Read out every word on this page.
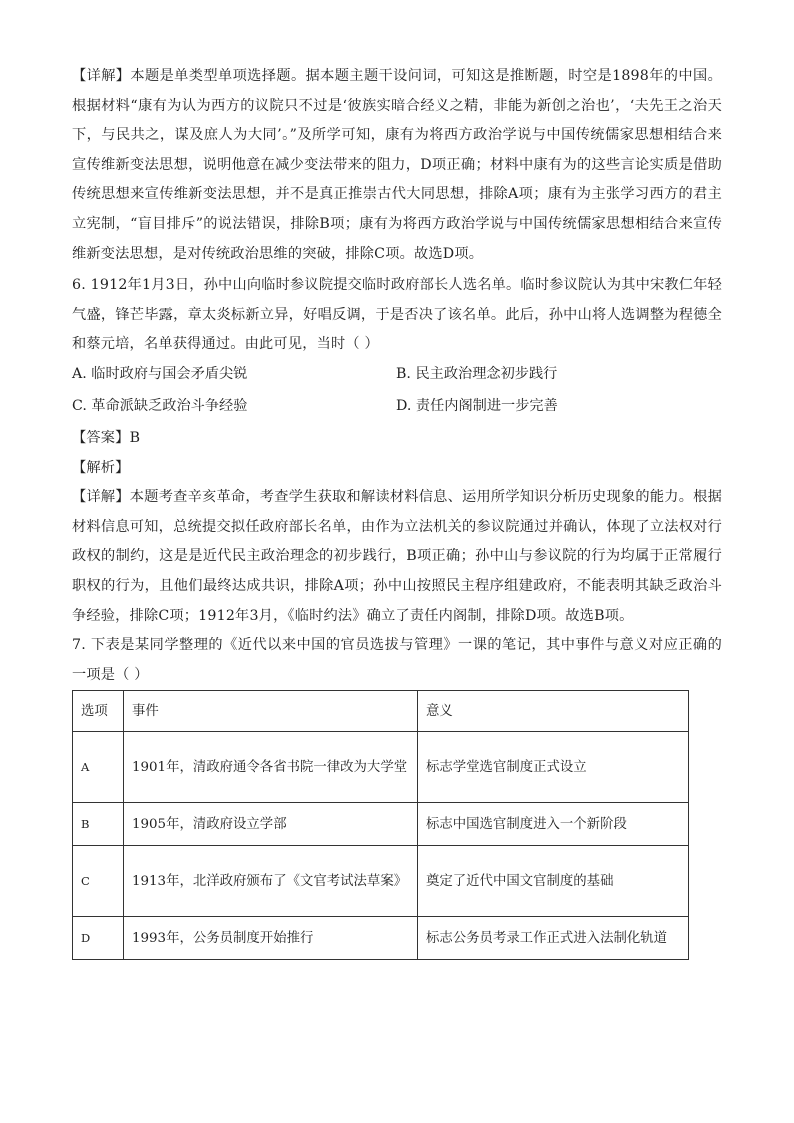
【详解】本题是单类型单项选择题。据本题主题干设问词，可知这是推断题，时空是1898年的中国。根据材料“康有为认为西方的议院只不过是‘彼族实暗合经义之精，非能为新创之治也’，‘夫先王之治天下，与民共之，谋及庶人为大同’。”及所学可知，康有为将西方政治学说与中国传统儒家思想相结合来宣传维新变法思想，说明他意在减少变法带来的阻力，D项正确；材料中康有为的这些言论实质是借助传统思想来宣传维新变法思想，并不是真正推崇古代大同思想，排除A项；康有为主张学习西方的君主立宪制，“盲目排斥”的说法错误，排除B项；康有为将西方政治学说与中国传统儒家思想相结合来宣传维新变法思想，是对传统政治思维的突破，排除C项。故选D项。

6. 1912年1月3日，孙中山向临时参议院提交临时政府部长人选名单。临时参议院认为其中宋教仁年轻气盛，锋芒毕露，章太炎标新立异，好唱反调，于是否决了该名单。此后，孙中山将人选调整为程德全和蔡元培，名单获得通过。由此可见，当时（ ）

A. 临时政府与国会矛盾尖锐	B. 民主政治理念初步践行
C. 革命派缺乏政治斗争经验	D. 责任内阁制进一步完善

【答案】B

【解析】

【详解】本题考查辛亥革命，考查学生获取和解读材料信息、运用所学知识分析历史现象的能力。根据材料信息可知，总统提交拟任政府部长名单，由作为立法机关的参议院通过并确认，体现了立法权对行政权的制约，这是是近代民主政治理念的初步践行，B项正确；孙中山与参议院的行为均属于正常履行职权的行为，且他们最终达成共识，排除A项；孙中山按照民主程序组建政府，不能表明其缺乏政治斗争经验，排除C项；1912年3月，《临时约法》确立了责任内阁制，排除D项。故选B项。

7. 下表是某同学整理的《近代以来中国的官员选拔与管理》一课的笔记，其中事件与意义对应正确的一项是（ ）

选项	事件	意义
A	1901年，清政府通令各省书院一律改为大学堂	标志学堂选官制度正式设立
B	1905年，清政府设立学部	标志中国选官制度进入一个新阶段
C	1913年，北洋政府颁布了《文官考试法草案》	奠定了近代中国文官制度的基础
D	1993年，公务员制度开始推行	标志公务员考录工作正式进入法制化轨道
